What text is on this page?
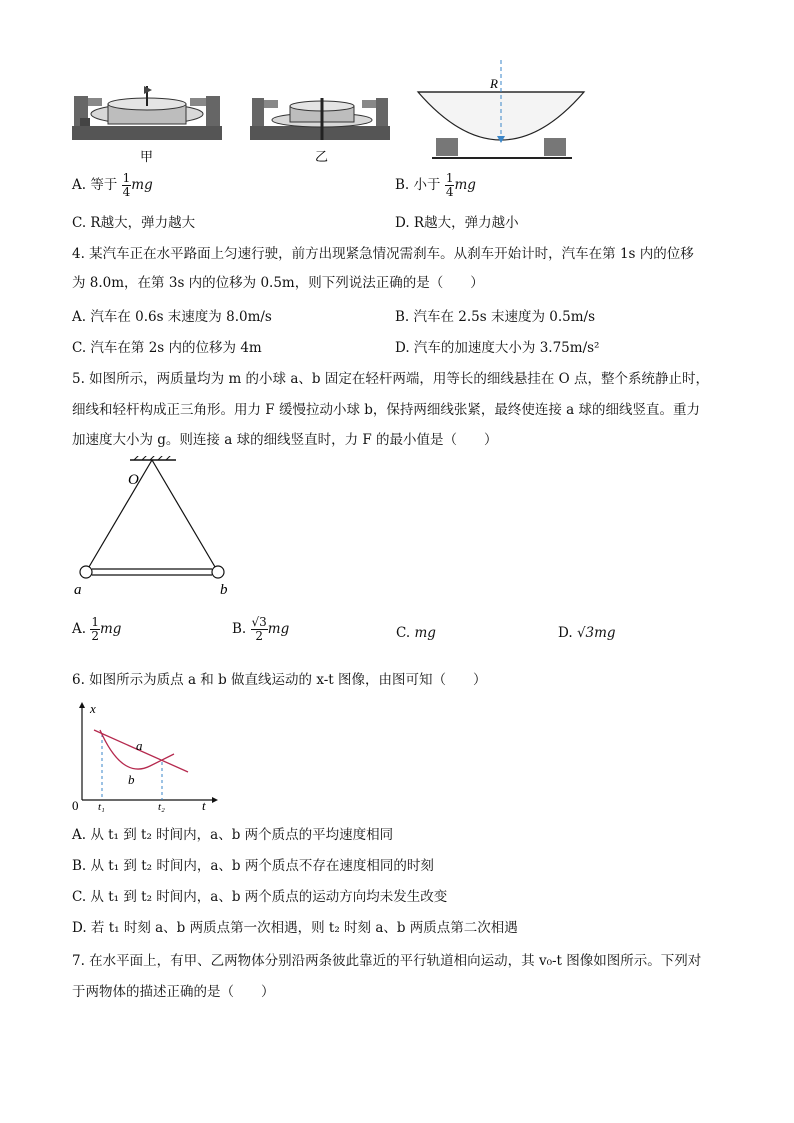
甲	乙
R
A. 等于 $\frac{1}{4}$ mg	B. 小于 $\frac{1}{4}$ mg
C. R越大，弹力越大	D. R越大，弹力越小
4. 某汽车正在水平路面上匀速行驶，前方出现紧急情况需刹车。从刹车开始计时，汽车在第 1s 内的位移
为 8.0m，在第 3s 内的位移为 0.5m，则下列说法正确的是（　　）
A. 汽车在 0.6s 末速度为 8.0m/s	B. 汽车在 2.5s 末速度为 0.5m/s
C. 汽车在第 2s 内的位移为 4m	D. 汽车的加速度大小为 3.75m/s²
5. 如图所示，两质量均为 m 的小球 a、b 固定在轻杆两端，用等长的细线悬挂在 O 点，整个系统静止时，
细线和轻杆构成正三角形。用力 F 缓慢拉动小球 b，保持两细线张紧，最终使连接 a 球的细线竖直。重力
加速度大小为 g。则连接 a 球的细线竖直时，力 F 的最小值是（　　）
O
a	b
A. $\frac{1}{2}$ mg	B. $\frac{√3}{2}$ mg	C. mg	D. √3mg
6. 如图所示为质点 a 和 b 做直线运动的 x-t 图像，由图可知（　　）
x
t
0 t₁	t₂
a
b
A. 从 t₁ 到 t₂ 时间内，a、b 两个质点的平均速度相同
B. 从 t₁ 到 t₂ 时间内，a、b 两个质点不存在速度相同的时刻
C. 从 t₁ 到 t₂ 时间内，a、b 两个质点的运动方向均未发生改变
D. 若 t₁ 时刻 a、b 两质点第一次相遇，则 t₂ 时刻 a、b 两质点第二次相遇
7. 在水平面上，有甲、乙两物体分别沿两条彼此靠近的平行轨道相向运动，其 v₀-t 图像如图所示。下列对
于两物体的描述正确的是（　　）
